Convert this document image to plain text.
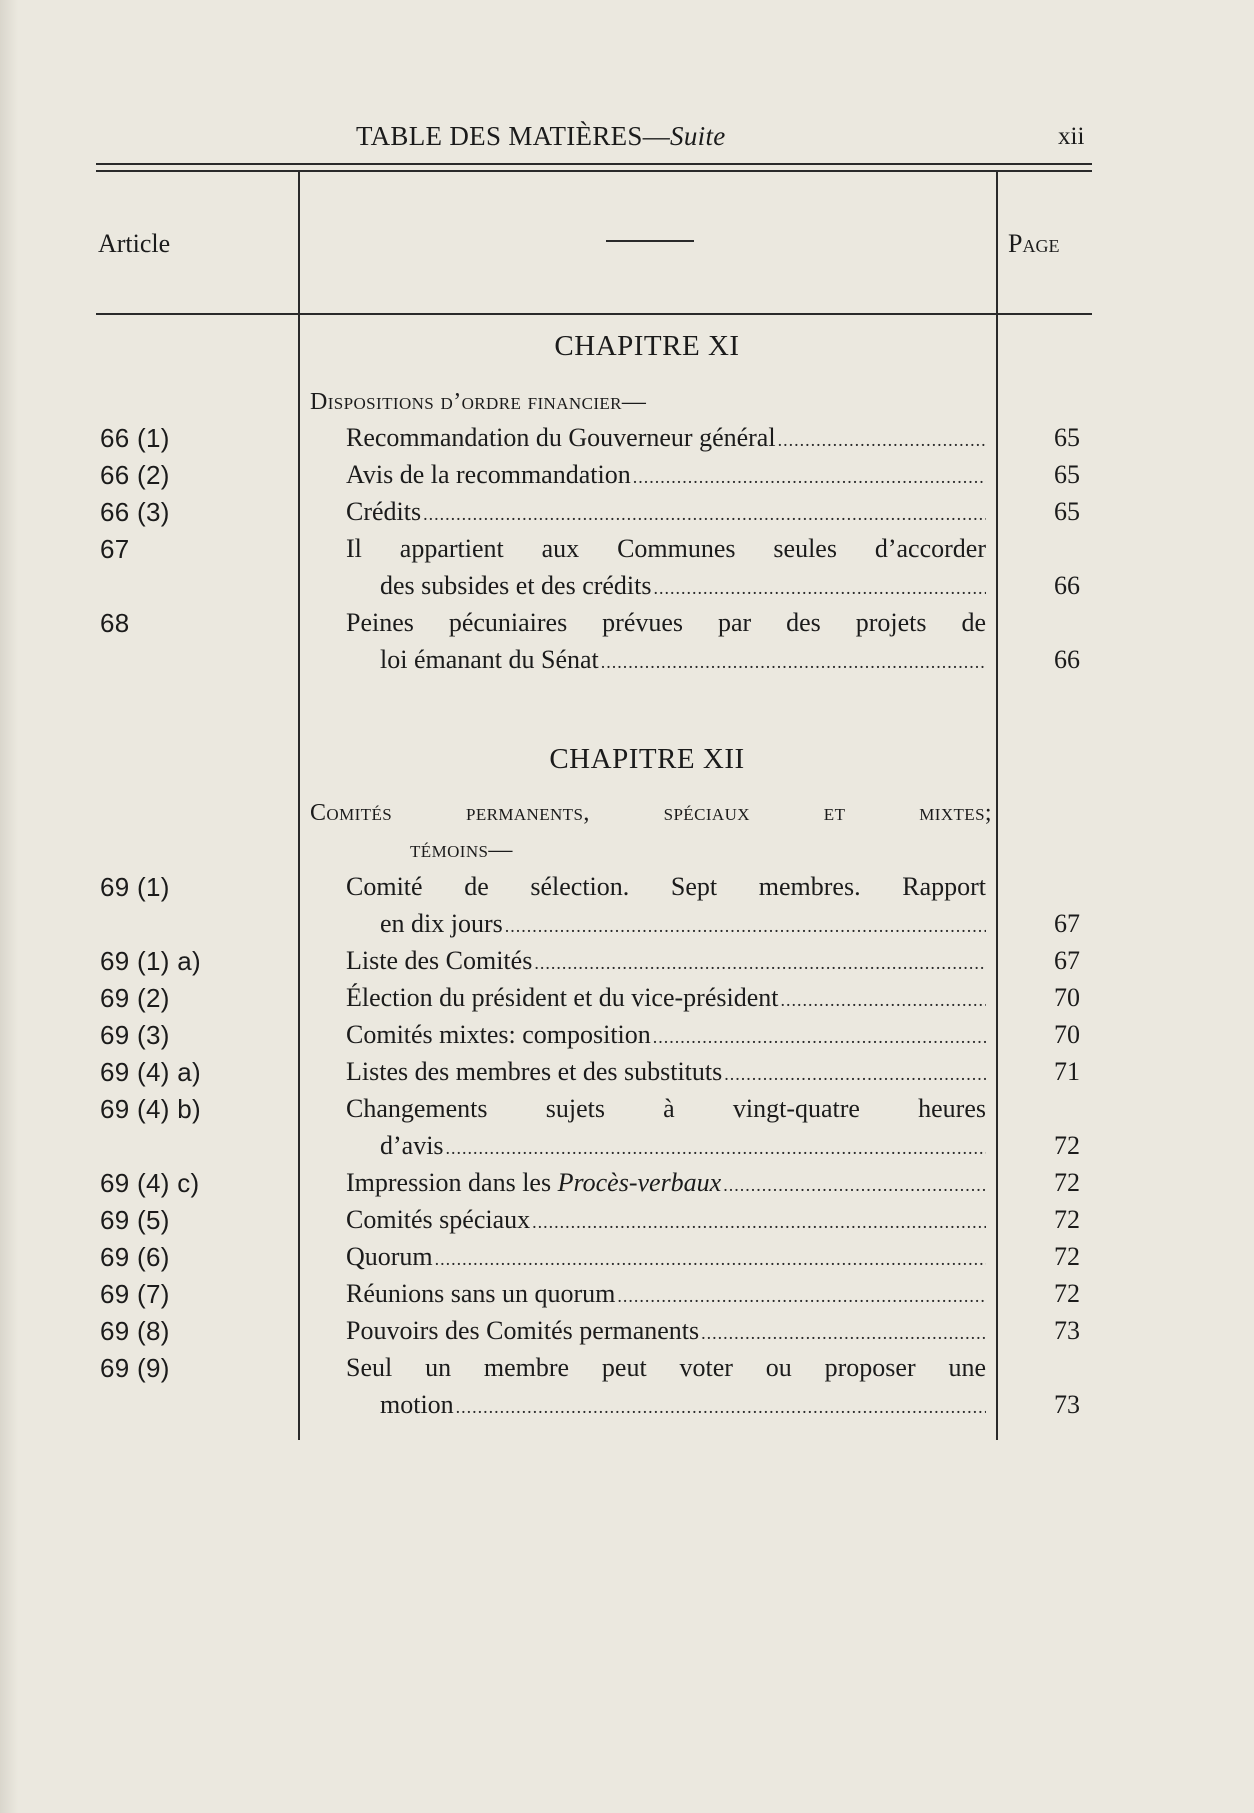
TABLE DES MATIÈRES—Suite	xii
Article	Page
CHAPITRE XI
Dispositions d’ordre financier—
CHAPITRE XII
Comités	permanents,	spéciaux	et	mixtes;
témoins—
66 (1)	Recommandation du Gouverneur général .....	65
66 (2)	Avis de la recommandation .....	65
66 (3)	Crédits .....	65
67	Il appartient aux Communes seules d’accorder
des subsides et des crédits .....	66
68	Peines pécuniaires prévues par des projets de
loi émanant du Sénat .....	66
69 (1)	Comité de sélection. Sept membres. Rapport
en dix jours .....	67
69 (1) a)	Liste des Comités .....	67
69 (2)	Élection du président et du vice-président .....	70
69 (3)	Comités mixtes: composition .....	70
69 (4) a)	Listes des membres et des substituts .....	71
69 (4) b)	Changements sujets à vingt-quatre heures
d’avis .....	72
69 (4) c)	Impression dans les Procès-verbaux .....	72
69 (5)	Comités spéciaux .....	72
69 (6)	Quorum .....	72
69 (7)	Réunions sans un quorum .....	72
69 (8)	Pouvoirs des Comités permanents .....	73
69 (9)	Seul un membre peut voter ou proposer une
motion .....	73
